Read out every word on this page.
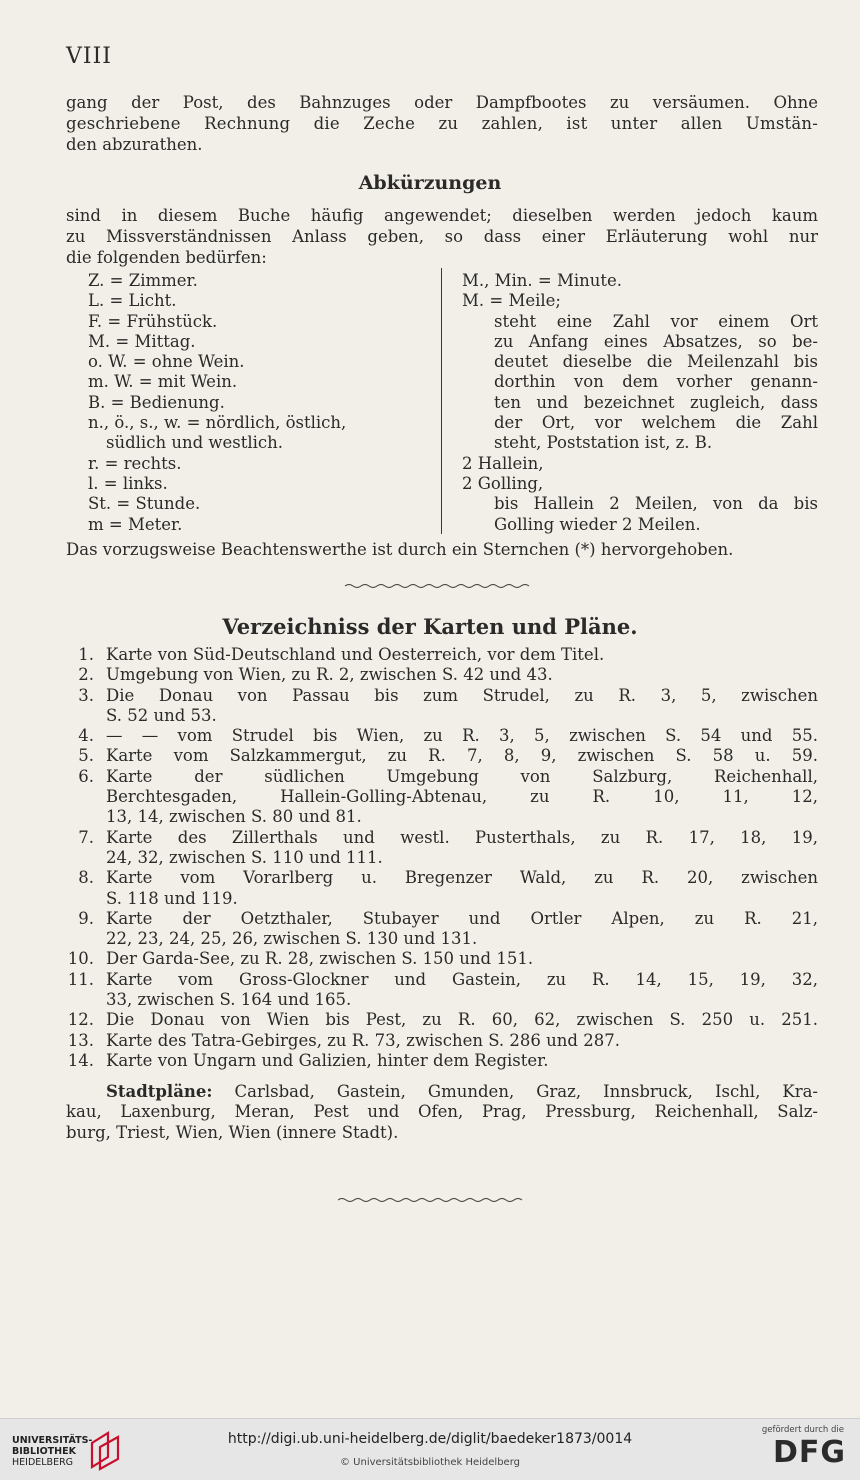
VIII
gang der Post, des Bahnzuges oder Dampfbootes zu versäumen. Ohne
geschriebene Rechnung die Zeche zu zahlen, ist unter allen Umstän-
den abzurathen.
Abkürzungen
sind in diesem Buche häufig angewendet; dieselben werden jedoch kaum
zu Missverständnissen Anlass geben, so dass einer Erläuterung wohl nur
die folgenden bedürfen:
Z. = Zimmer.
L. = Licht.
F. = Frühstück.
M. = Mittag.
o. W. = ohne Wein.
m. W. = mit Wein.
B. = Bedienung.
n., ö., s., w. = nördlich, östlich,
südlich und westlich.
r. = rechts.
l. = links.
St. = Stunde.
m = Meter.
M., Min. = Minute.
M. = Meile;
steht eine Zahl vor einem Ort
zu Anfang eines Absatzes, so be-
deutet dieselbe die Meilenzahl bis
dorthin von dem vorher genann-
ten und bezeichnet zugleich, dass
der Ort, vor welchem die Zahl
steht, Poststation ist, z. B.
2 Hallein,
2 Golling,
bis Hallein 2 Meilen, von da bis
Golling wieder 2 Meilen.
Das vorzugsweise Beachtenswerthe ist durch ein Sternchen (*) hervorgehoben.
Verzeichniss der Karten und Pläne.
1. Karte von Süd-Deutschland und Oesterreich, vor dem Titel.
2. Umgebung von Wien, zu R. 2, zwischen S. 42 und 43.
3. Die Donau von Passau bis zum Strudel, zu R. 3, 5, zwischen
S. 52 und 53.
4. — — vom Strudel bis Wien, zu R. 3, 5, zwischen S. 54 und 55.
5. Karte vom Salzkammergut, zu R. 7, 8, 9, zwischen S. 58 u. 59.
6. Karte der südlichen Umgebung von Salzburg, Reichenhall,
Berchtesgaden, Hallein-Golling-Abtenau, zu R. 10, 11, 12,
13, 14, zwischen S. 80 und 81.
7. Karte des Zillerthals und westl. Pusterthals, zu R. 17, 18, 19,
24, 32, zwischen S. 110 und 111.
8. Karte vom Vorarlberg u. Bregenzer Wald, zu R. 20, zwischen
S. 118 und 119.
9. Karte der Oetzthaler, Stubayer und Ortler Alpen, zu R. 21,
22, 23, 24, 25, 26, zwischen S. 130 und 131.
10. Der Garda-See, zu R. 28, zwischen S. 150 und 151.
11. Karte vom Gross-Glockner und Gastein, zu R. 14, 15, 19, 32,
33, zwischen S. 164 und 165.
12. Die Donau von Wien bis Pest, zu R. 60, 62, zwischen S. 250 u. 251.
13. Karte des Tatra-Gebirges, zu R. 73, zwischen S. 286 und 287.
14. Karte von Ungarn und Galizien, hinter dem Register.
Stadtpläne: Carlsbad, Gastein, Gmunden, Graz, Innsbruck, Ischl, Kra-
kau, Laxenburg, Meran, Pest und Ofen, Prag, Pressburg, Reichenhall, Salz-
burg, Triest, Wien, Wien (innere Stadt).
UNIVERSITÄTS-
BIBLIOTHEK
HEIDELBERG
http://digi.ub.uni-heidelberg.de/diglit/baedeker1873/0014
© Universitätsbibliothek Heidelberg
gefördert durch die
DFG
